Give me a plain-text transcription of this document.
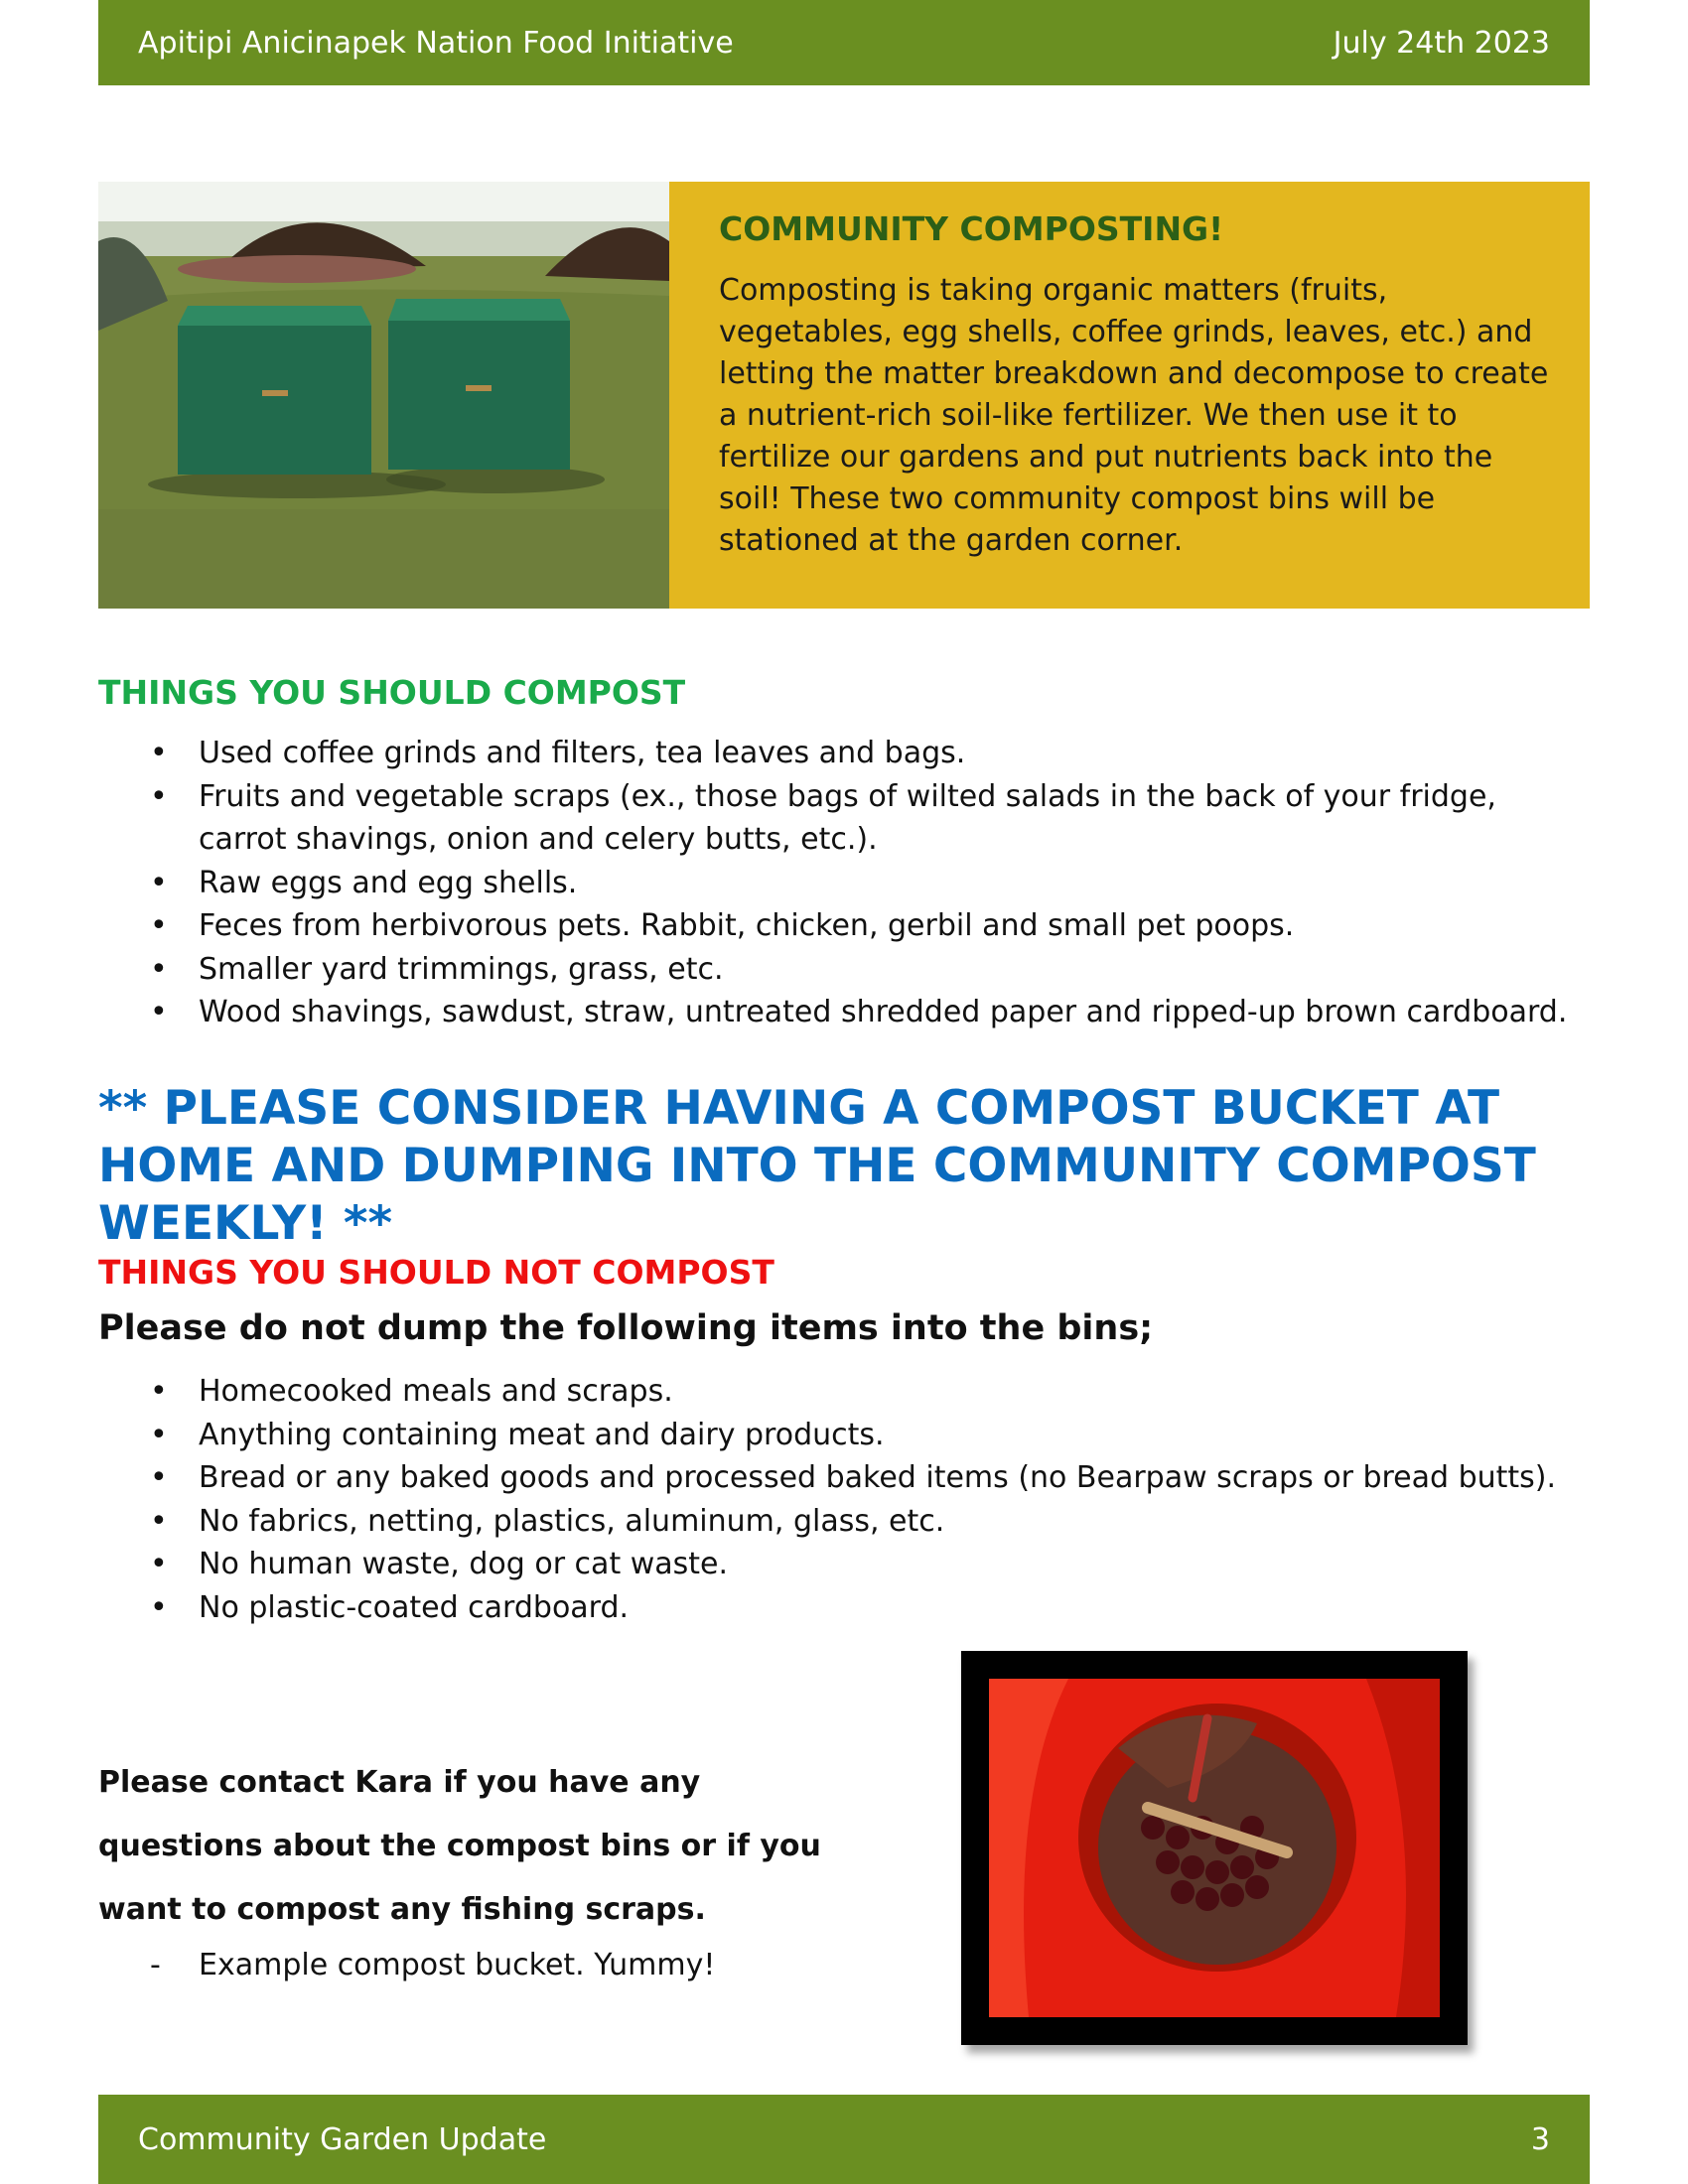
Apitipi Anicinapek Nation Food Initiative	July 24th 2023
COMMUNITY COMPOSTING!

Composting is taking organic matters (fruits, vegetables, egg shells, coffee grinds, leaves, etc.) and letting the matter breakdown and decompose to create a nutrient-rich soil-like fertilizer. We then use it to fertilize our gardens and put nutrients back into the soil! These two community compost bins will be stationed at the garden corner.

THINGS YOU SHOULD COMPOST
• Used coffee grinds and filters, tea leaves and bags.
• Fruits and vegetable scraps (ex., those bags of wilted salads in the back of your fridge, carrot shavings, onion and celery butts, etc.).
• Raw eggs and egg shells.
• Feces from herbivorous pets. Rabbit, chicken, gerbil and small pet poops.
• Smaller yard trimmings, grass, etc.
• Wood shavings, sawdust, straw, untreated shredded paper and ripped-up brown cardboard.
** PLEASE CONSIDER HAVING A COMPOST BUCKET AT HOME AND DUMPING INTO THE COMMUNITY COMPOST WEEKLY! **
THINGS YOU SHOULD NOT COMPOST
Please do not dump the following items into the bins;
• Homecooked meals and scraps.
• Anything containing meat and dairy products.
• Bread or any baked goods and processed baked items (no Bearpaw scraps or bread butts).
• No fabrics, netting, plastics, aluminum, glass, etc.
• No human waste, dog or cat waste.
• No plastic-coated cardboard.
Please contact Kara if you have any questions about the compost bins or if you want to compost any fishing scraps.
- Example compost bucket. Yummy!
Community Garden Update	3
